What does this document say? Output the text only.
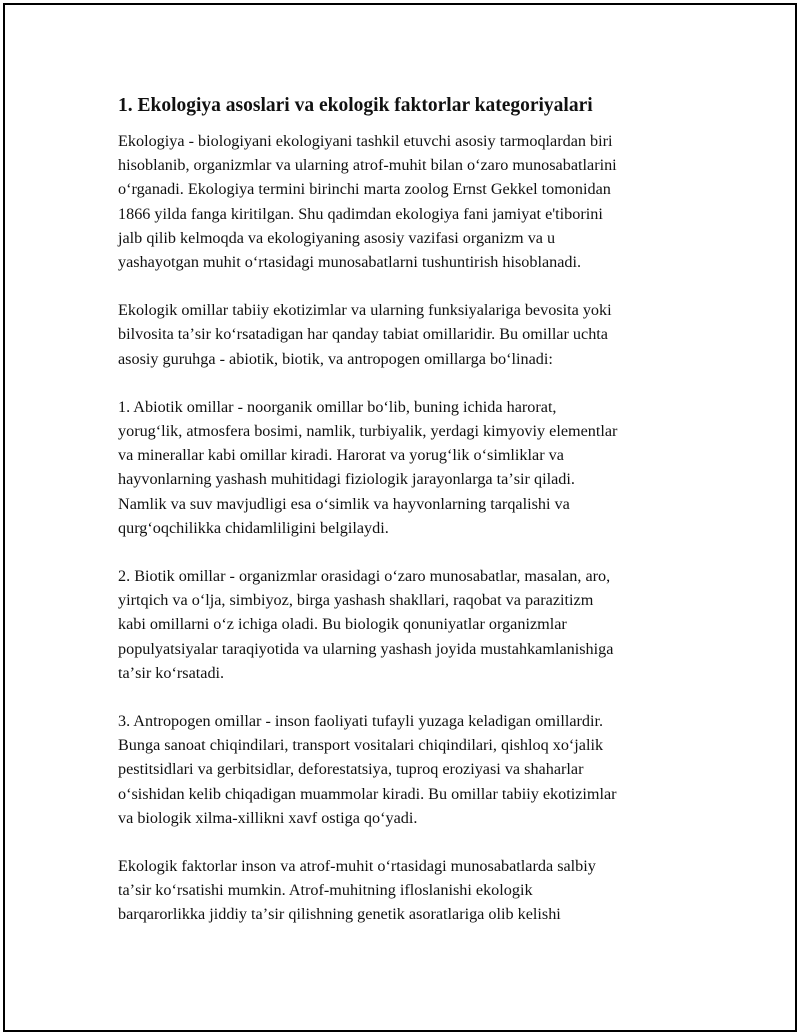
1. Ekologiya asoslari va ekologik faktorlar kategoriyalari

Ekologiya - biologiyani ekologiyani tashkil etuvchi asosiy tarmoqlardan biri
hisoblanib, organizmlar va ularning atrof-muhit bilan oʻzaro munosabatlarini
oʻrganadi. Ekologiya termini birinchi marta zoolog Ernst Gekkel tomonidan
1866 yilda fanga kiritilgan. Shu qadimdan ekologiya fani jamiyat e'tiborini
jalb qilib kelmoqda va ekologiyaning asosiy vazifasi organizm va u
yashayotgan muhit oʻrtasidagi munosabatlarni tushuntirish hisoblanadi.

Ekologik omillar tabiiy ekotizimlar va ularning funksiyalariga bevosita yoki
bilvosita taʼsir koʻrsatadigan har qanday tabiat omillaridir. Bu omillar uchta
asosiy guruhga - abiotik, biotik, va antropogen omillarga boʻlinadi:

1. Abiotik omillar - noorganik omillar boʻlib, buning ichida harorat,
yorugʻlik, atmosfera bosimi, namlik, turbiyalik, yerdagi kimyoviy elementlar
va minerallar kabi omillar kiradi. Harorat va yorugʻlik oʻsimliklar va
hayvonlarning yashash muhitidagi fiziologik jarayonlarga taʼsir qiladi.
Namlik va suv mavjudligi esa oʻsimlik va hayvonlarning tarqalishi va
qurgʻoqchilikka chidamliligini belgilaydi.

2. Biotik omillar - organizmlar orasidagi oʻzaro munosabatlar, masalan, aro,
yirtqich va oʻlja, simbiyoz, birga yashash shakllari, raqobat va parazitizm
kabi omillarni oʻz ichiga oladi. Bu biologik qonuniyatlar organizmlar
populyatsiyalar taraqiyotida va ularning yashash joyida mustahkamlanishiga
taʼsir koʻrsatadi.

3. Antropogen omillar - inson faoliyati tufayli yuzaga keladigan omillardir.
Bunga sanoat chiqindilari, transport vositalari chiqindilari, qishloq xoʻjalik
pestitsidlari va gerbitsidlar, deforestatsiya, tuproq eroziyasi va shaharlar
oʻsishidan kelib chiqadigan muammolar kiradi. Bu omillar tabiiy ekotizimlar
va biologik xilma-xillikni xavf ostiga qoʻyadi.

Ekologik faktorlar inson va atrof-muhit oʻrtasidagi munosabatlarda salbiy
taʼsir koʻrsatishi mumkin. Atrof-muhitning ifloslanishi ekologik
barqarorlikka jiddiy taʼsir qilishning genetik asoratlariga olib kelishi
